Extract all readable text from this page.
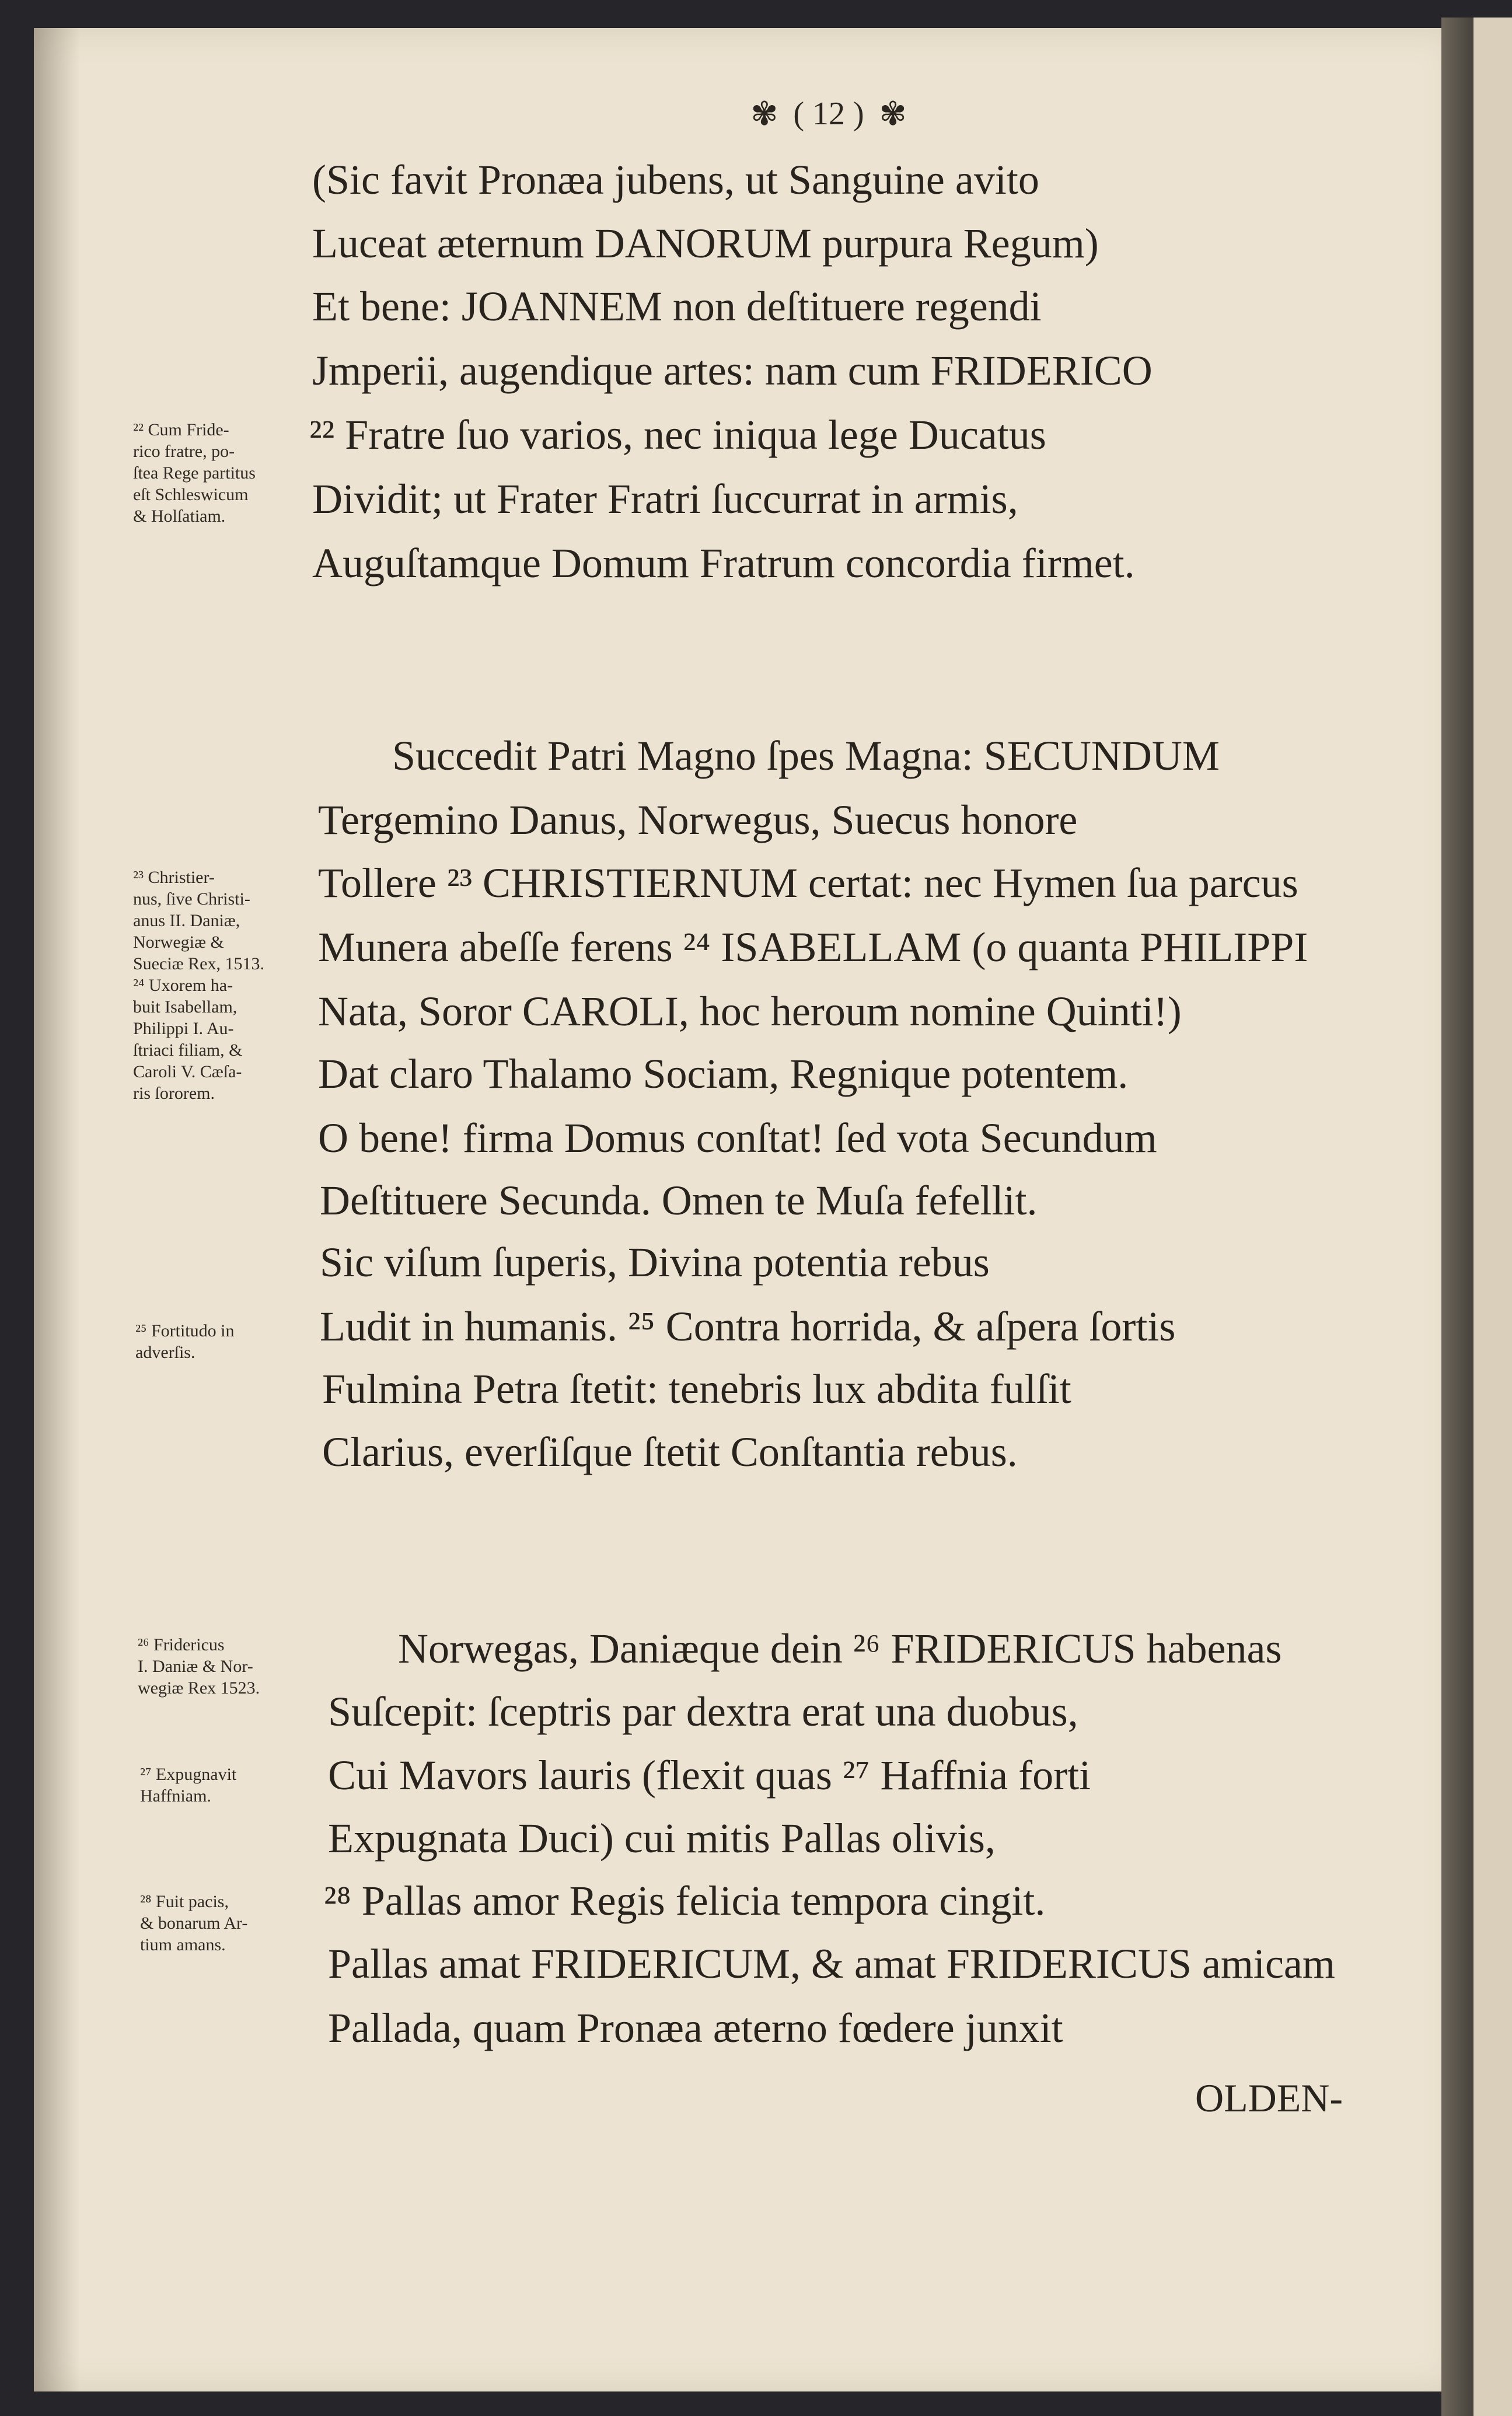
✾ ( 12 ) ✾
(Sic favit Pronæa jubens, ut Sanguine avito
Luceat æternum DANORUM purpura Regum)
Et bene: JOANNEM non deſtituere regendi
Jmperii, augendique artes: nam cum FRIDERICO
²² Fratre ſuo varios, nec iniqua lege Ducatus
Dividit; ut Frater Fratri ſuccurrat in armis,
Auguſtamque Domum Fratrum concordia firmet.
Succedit Patri Magno ſpes Magna: SECUNDUM
Tergemino Danus, Norwegus, Suecus honore
Tollere ²³ CHRISTIERNUM certat: nec Hymen ſua parcus
Munera abeſſe ferens ²⁴ ISABELLAM (o quanta PHILIPPI
Nata, Soror CAROLI, hoc heroum nomine Quinti!)
Dat claro Thalamo Sociam, Regnique potentem.
O bene! firma Domus conſtat! ſed vota Secundum
Deſtituere Secunda. Omen te Muſa fefellit.
Sic viſum ſuperis, Divina potentia rebus
Ludit in humanis. ²⁵ Contra horrida, & aſpera ſortis
Fulmina Petra ſtetit: tenebris lux abdita fulſit
Clarius, everſiſque ſtetit Conſtantia rebus.
Norwegas, Daniæque dein ²⁶ FRIDERICUS habenas
Suſcepit: ſceptris par dextra erat una duobus,
Cui Mavors lauris (flexit quas ²⁷ Haffnia forti
Expugnata Duci) cui mitis Pallas olivis,
²⁸ Pallas amor Regis felicia tempora cingit.
Pallas amat FRIDERICUM, & amat FRIDERICUS amicam
Pallada, quam Pronæa æterno fœdere junxit
OLDEN-
²² Cum Fride-
rico fratre, po-
ſtea Rege partitus
eſt Schleswicum
& Holſatiam.
²³ Christier-
nus, ſive Christi-
anus II. Daniæ,
Norwegiæ &
Sueciæ Rex, 1513.
²⁴ Uxorem ha-
buit Isabellam,
Philippi I. Au-
ſtriaci filiam, &
Caroli V. Cæſa-
ris ſororem.
²⁵ Fortitudo in
adverſis.
²⁶ Fridericus
I. Daniæ & Nor-
wegiæ Rex 1523.
²⁷ Expugnavit
Haffniam.
²⁸ Fuit pacis,
& bonarum Ar-
tium amans.
